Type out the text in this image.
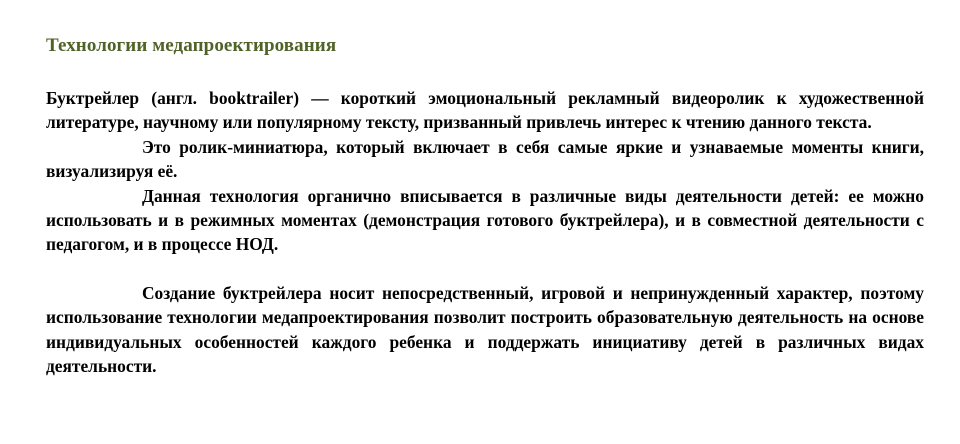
Технологии медапроектирования

Буктрейлер (англ. booktrailer) — короткий эмоциональный рекламный видеоролик к художественной литературе, научному или популярному тексту, призванный привлечь интерес к чтению данного текста.

Это ролик-миниатюра, который включает в себя самые яркие и узнаваемые моменты книги, визуализируя её.

Данная технология органично вписывается в различные виды деятельности детей: ее можно использовать и в режимных моментах (демонстрация готового буктрейлера), и в совместной деятельности с педагогом, и в процессе НОД.

Создание буктрейлера носит непосредственный, игровой и непринужденный характер, поэтому использование технологии медапроектирования позволит построить образовательную деятельность на основе индивидуальных особенностей каждого ребенка и поддержать инициативу детей в различных видах деятельности.
